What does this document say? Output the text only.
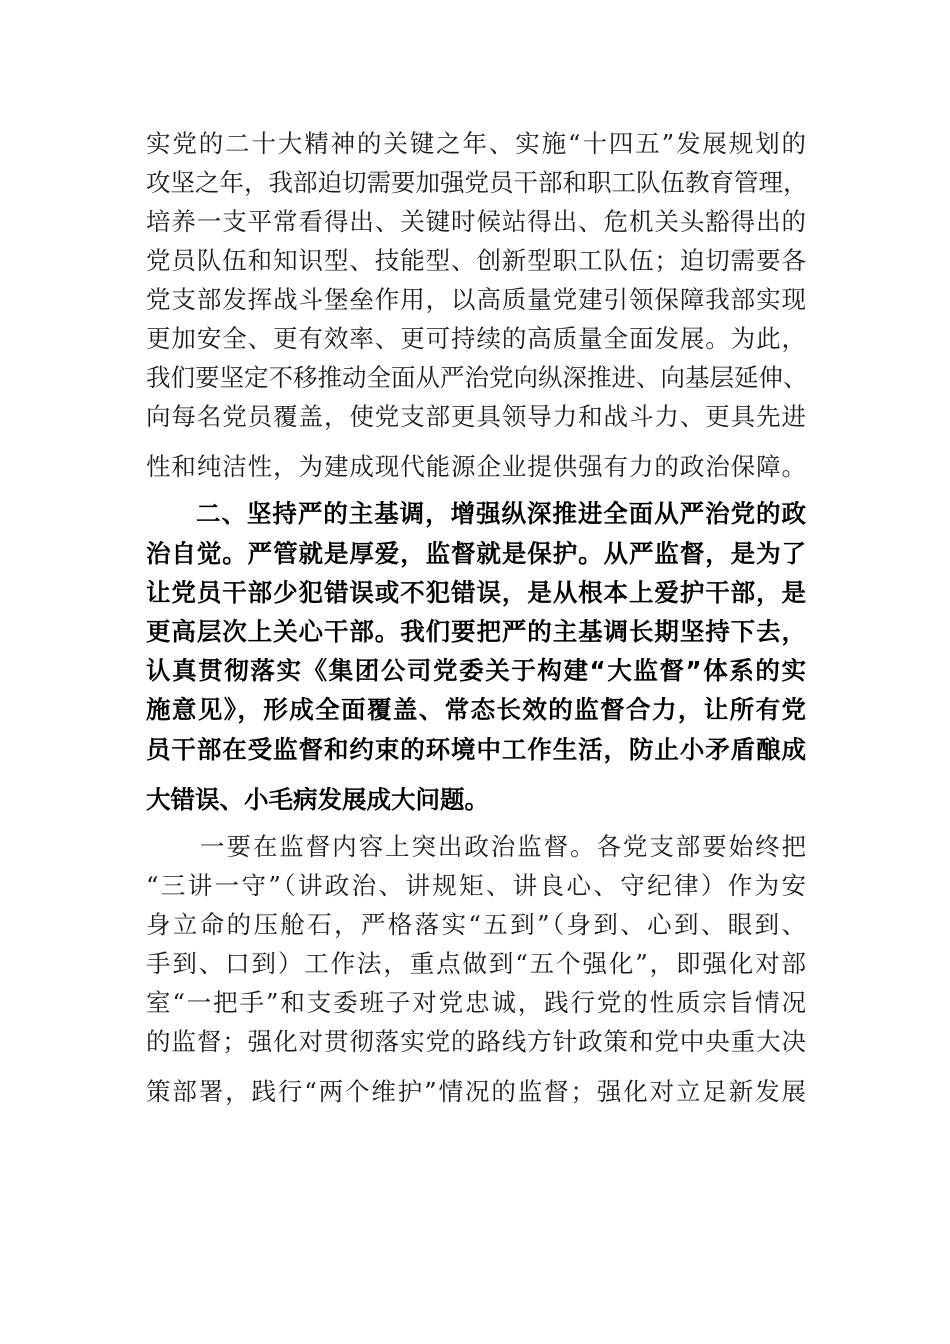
实党的二十大精神的关键之年、实施“十四五”发展规划的
攻坚之年，我部迫切需要加强党员干部和职工队伍教育管理，
培养一支平常看得出、关键时候站得出、危机关头豁得出的
党员队伍和知识型、技能型、创新型职工队伍；迫切需要各
党支部发挥战斗堡垒作用，以高质量党建引领保障我部实现
更加安全、更有效率、更可持续的高质量全面发展。为此，
我们要坚定不移推动全面从严治党向纵深推进、向基层延伸、
向每名党员覆盖，使党支部更具领导力和战斗力、更具先进
性和纯洁性，为建成现代能源企业提供强有力的政治保障。
二、坚持严的主基调，增强纵深推进全面从严治党的政
治自觉。严管就是厚爱，监督就是保护。从严监督，是为了
让党员干部少犯错误或不犯错误，是从根本上爱护干部，是
更高层次上关心干部。我们要把严的主基调长期坚持下去，
认真贯彻落实《集团公司党委关于构建“大监督”体系的实
施意见》，形成全面覆盖、常态长效的监督合力，让所有党
员干部在受监督和约束的环境中工作生活，防止小矛盾酿成
大错误、小毛病发展成大问题。
一要在监督内容上突出政治监督。各党支部要始终把
“三讲一守”（讲政治、讲规矩、讲良心、守纪律）作为安
身立命的压舱石，严格落实“五到”（身到、心到、眼到、
手到、口到）工作法，重点做到“五个强化”，即强化对部
室“一把手”和支委班子对党忠诚，践行党的性质宗旨情况
的监督；强化对贯彻落实党的路线方针政策和党中央重大决
策部署，践行“两个维护”情况的监督；强化对立足新发展
